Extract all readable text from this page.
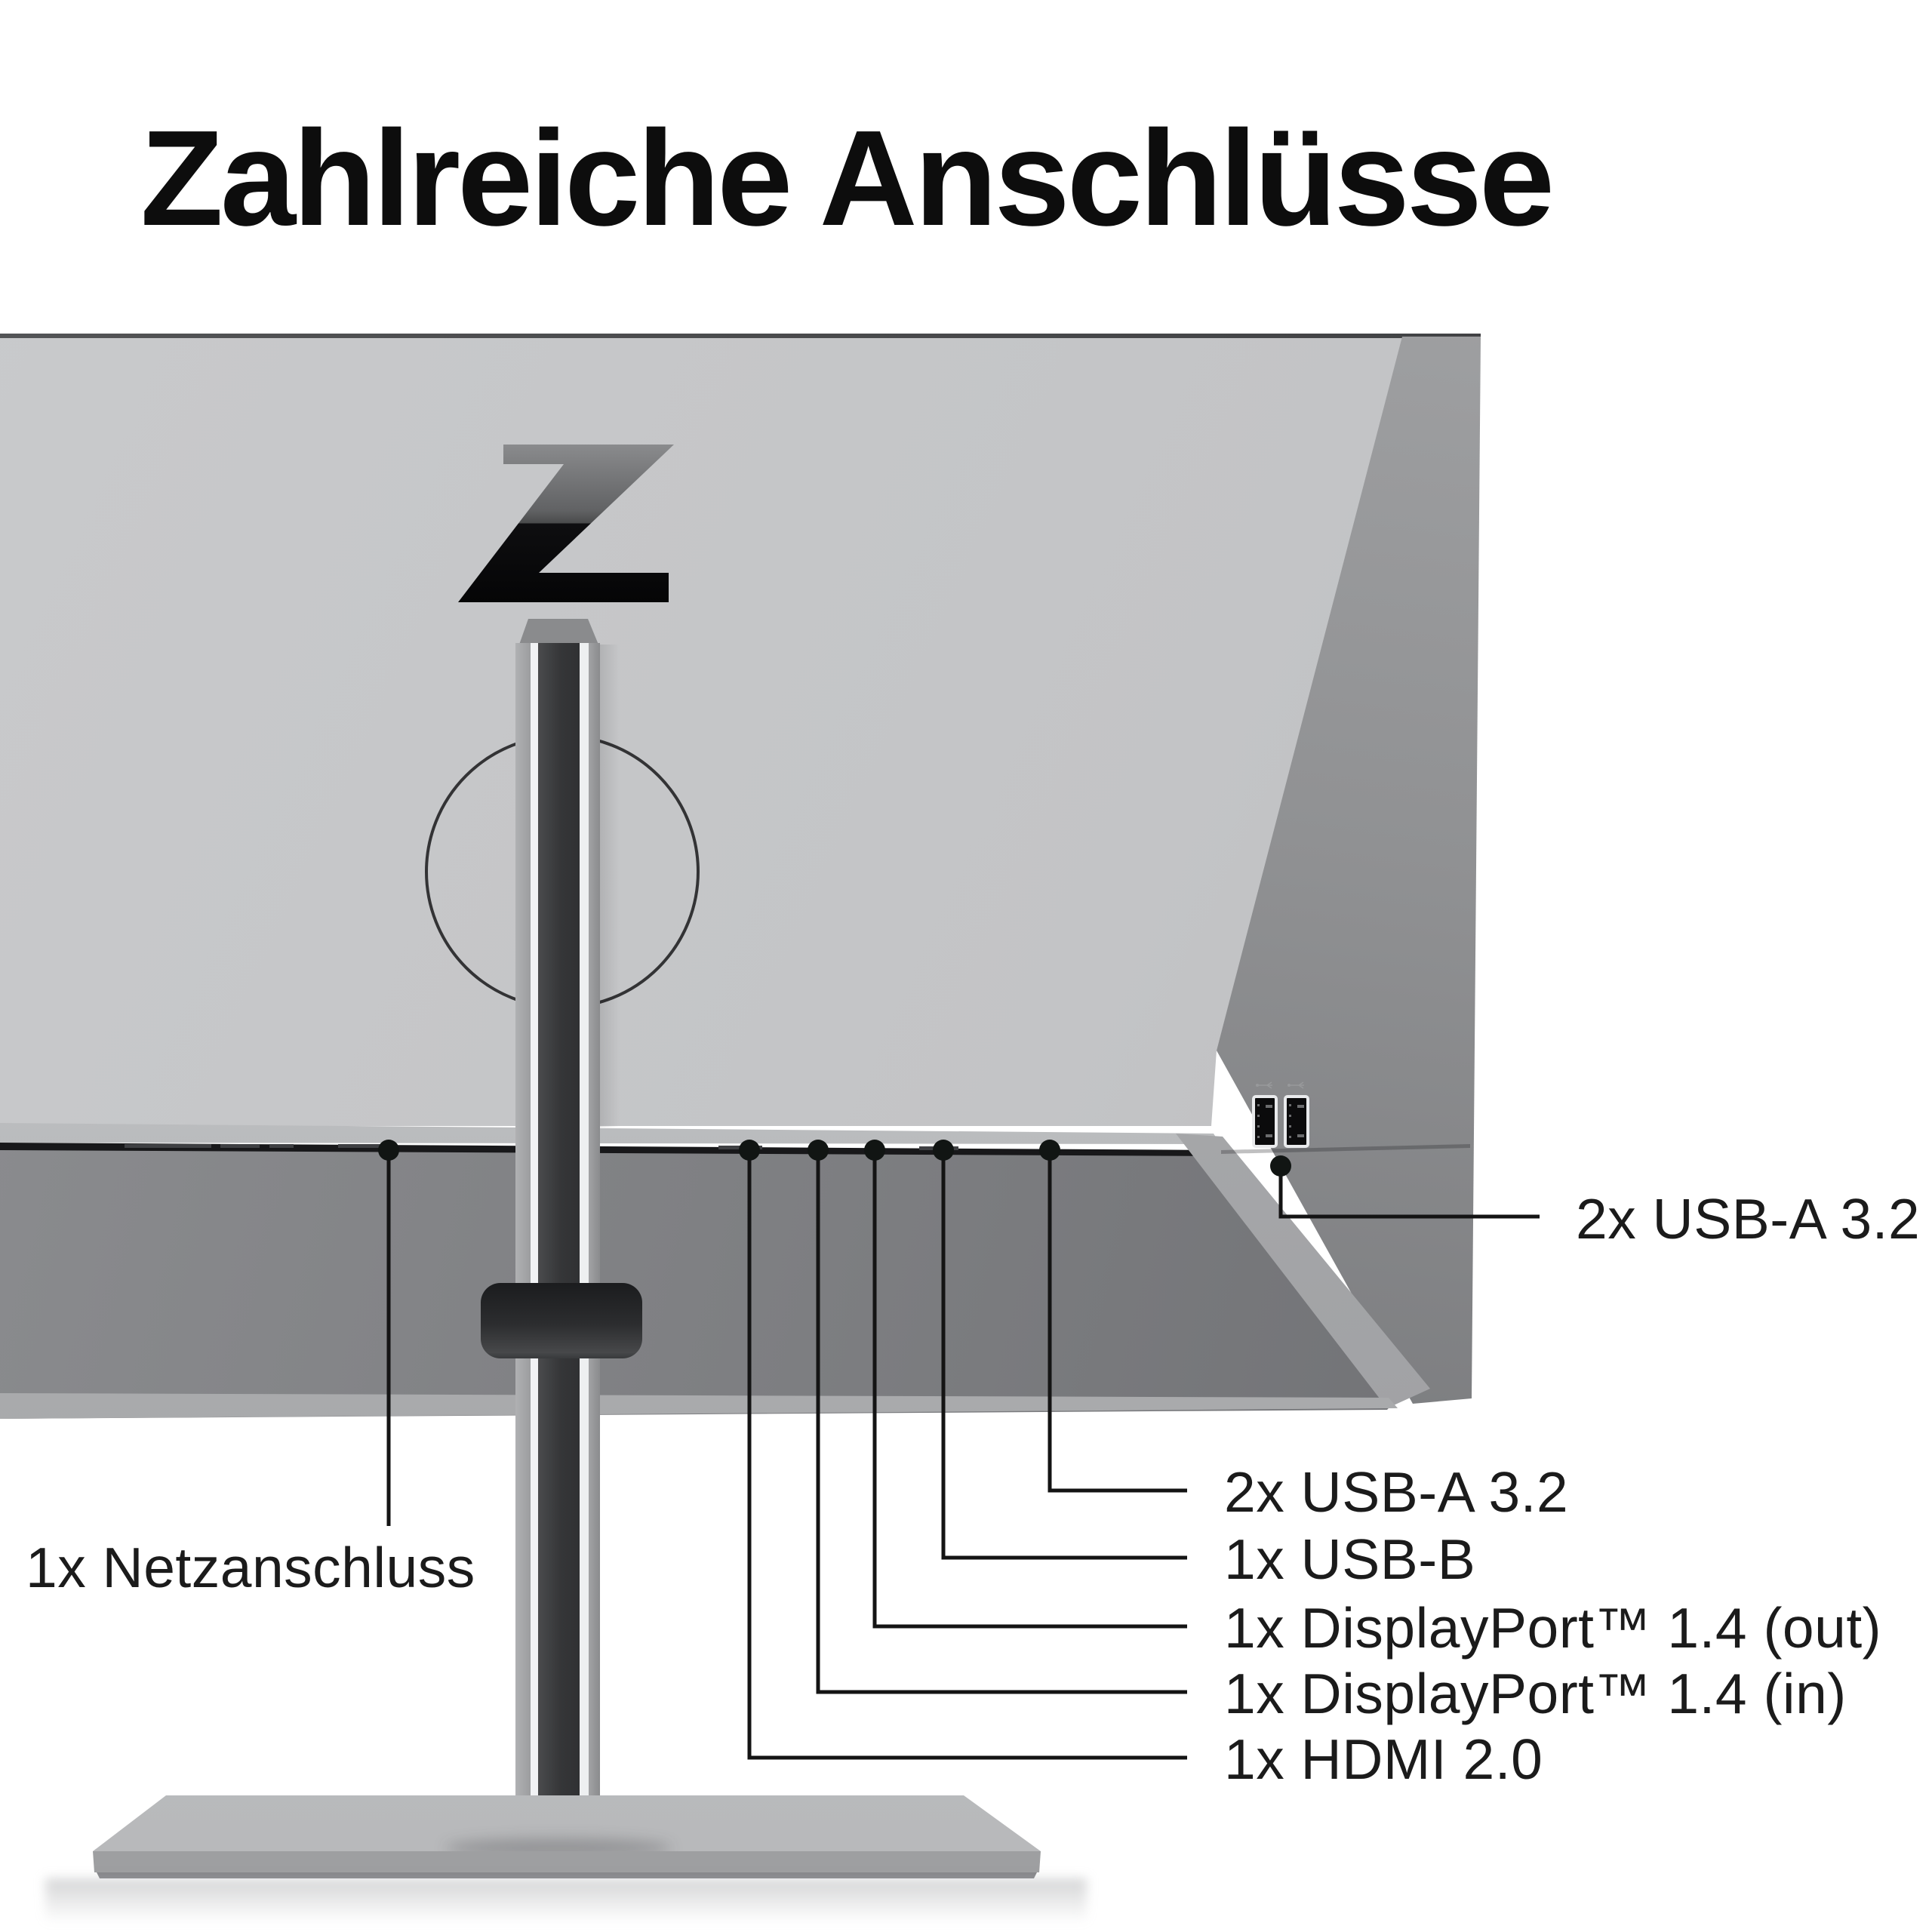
Zahlreiche Anschlüsse
1x Netzanschluss
2x USB-A 3.2
2x USB-A 3.2
1x USB-B
1x DisplayPort™ 1.4 (out)
1x DisplayPort™ 1.4 (in)
1x HDMI 2.0
